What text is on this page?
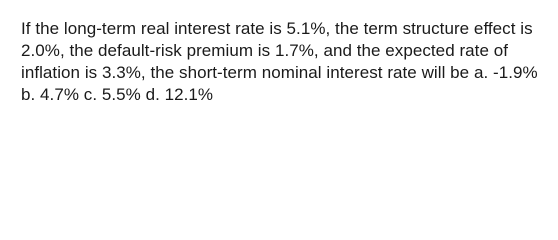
If the long-term real interest rate is 5.1%, the term structure effect is 2.0%, the default-risk premium is 1.7%, and the expected rate of inflation is 3.3%, the short-term nominal interest rate will be a. -1.9% b. 4.7% c. 5.5% d. 12.1%
